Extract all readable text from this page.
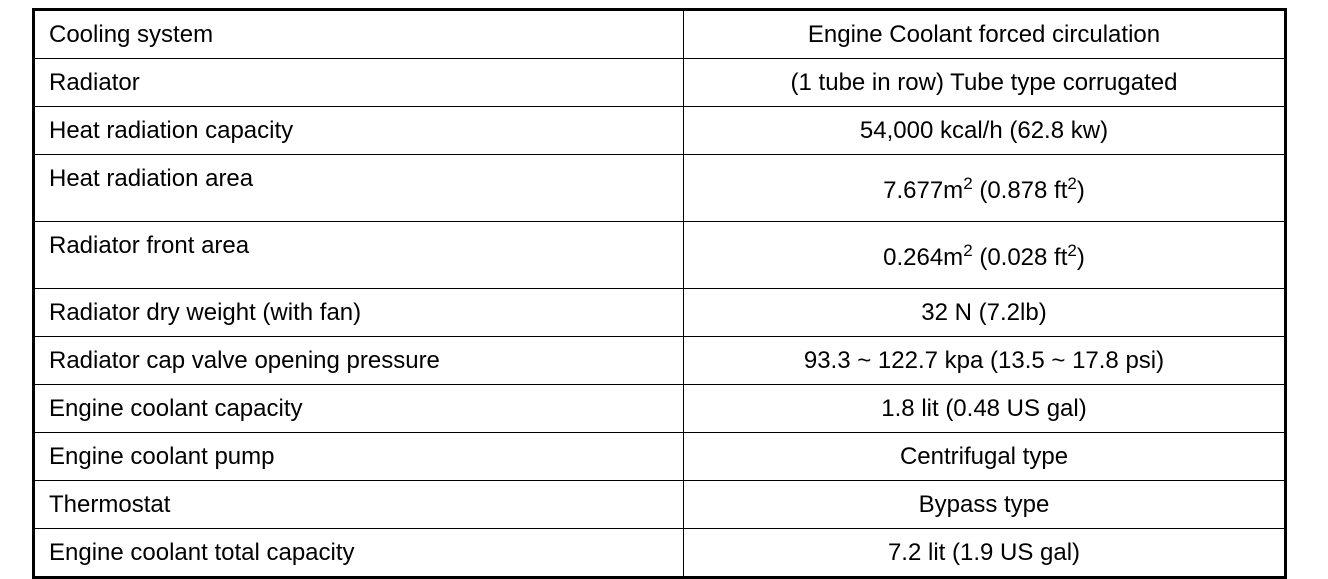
Cooling system	Engine Coolant forced circulation
Radiator	(1 tube in row) Tube type corrugated
Heat radiation capacity	54,000 kcal/h (62.8 kw)
Heat radiation area	$7.677m^2$ (0.878 $ft^2$)
Radiator front area	$0.264m^2$ (0.028 $ft^2$)
Radiator dry weight (with fan)	32 N (7.2lb)
Radiator cap valve opening pressure	93.3 ~ 122.7 kpa (13.5 ~ 17.8 psi)
Engine coolant capacity	1.8 lit (0.48 US gal)
Engine coolant pump	Centrifugal type
Thermostat	Bypass type
Engine coolant total capacity	7.2 lit (1.9 US gal)
